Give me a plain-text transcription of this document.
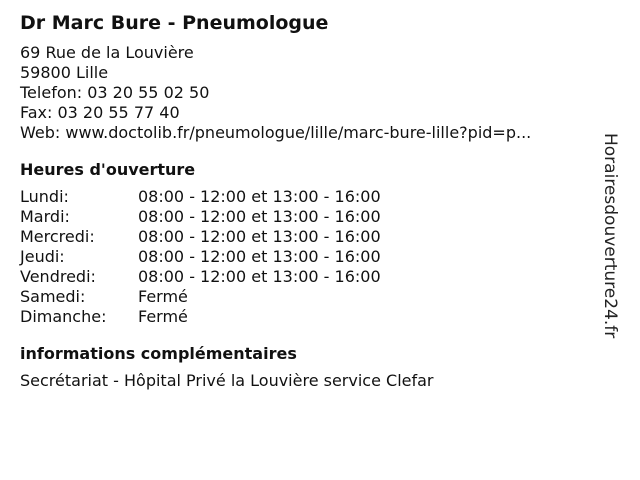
Dr Marc Bure - Pneumologue
69 Rue de la Louvière
59800 Lille
Telefon: 03 20 55 02 50
Fax: 03 20 55 77 40
Web: www.doctolib.fr/pneumologue/lille/marc-bure-lille?pid=p...
Heures d'ouverture
Lundi:	08:00 - 12:00 et 13:00 - 16:00
Mardi:	08:00 - 12:00 et 13:00 - 16:00
Mercredi:	08:00 - 12:00 et 13:00 - 16:00
Jeudi:	08:00 - 12:00 et 13:00 - 16:00
Vendredi:	08:00 - 12:00 et 13:00 - 16:00
Samedi:	Fermé
Dimanche: Fermé
informations complémentaires
Secrétariat - Hôpital Privé la Louvière service Clefar
Horairesdouverture24.fr
